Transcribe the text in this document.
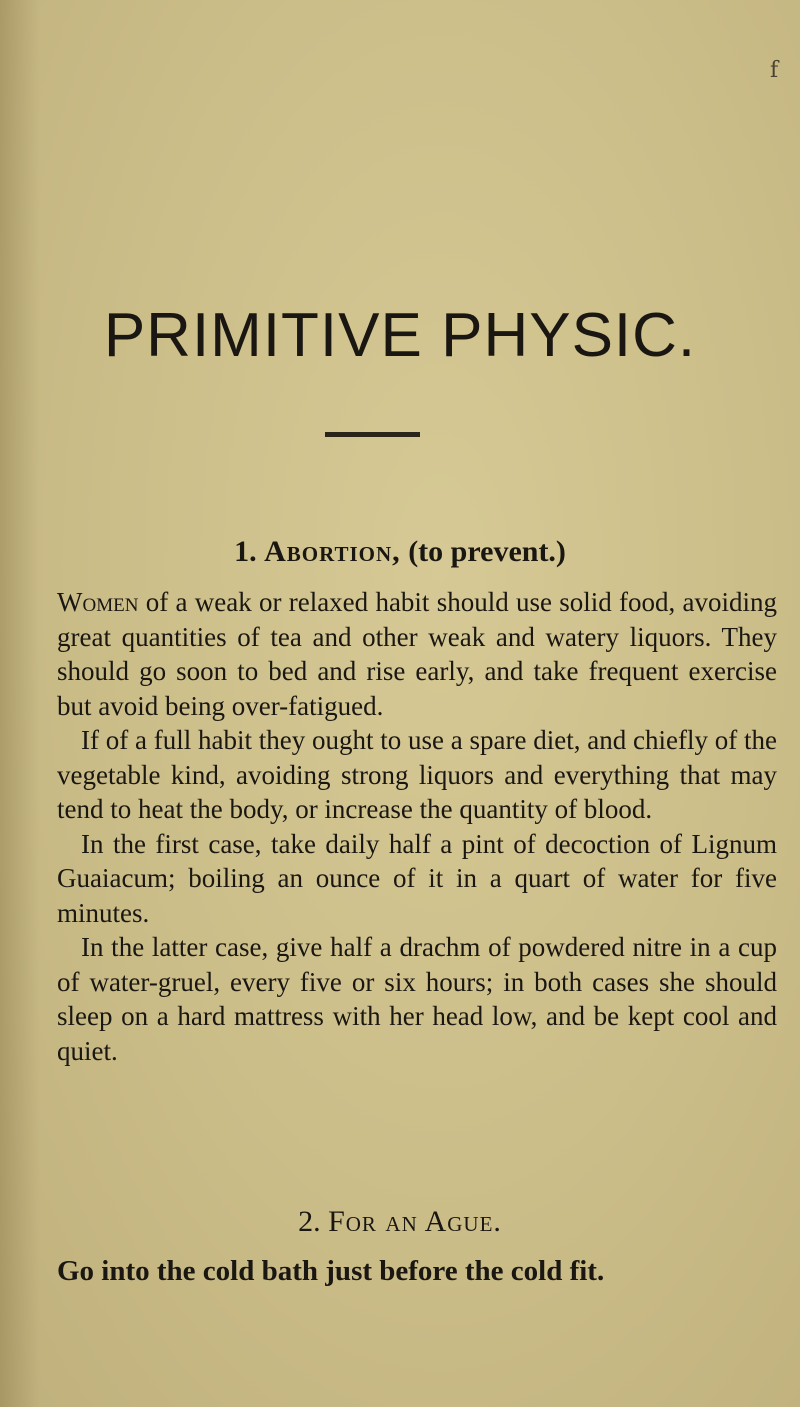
f
PRIMITIVE PHYSIC.
1. Abortion, (to prevent.)

Women of a weak or relaxed habit should use solid food, avoiding great quantities of tea and other weak and watery liquors. They should go soon to bed and rise early, and take frequent exercise but avoid being over-fatigued.

If of a full habit they ought to use a spare diet, and chiefly of the vegetable kind, avoiding strong liquors and everything that may tend to heat the body, or increase the quantity of blood.

In the first case, take daily half a pint of decoction of Lignum Guaiacum; boiling an ounce of it in a quart of water for five minutes.

In the latter case, give half a drachm of powdered nitre in a cup of water-gruel, every five or six hours; in both cases she should sleep on a hard mattress with her head low, and be kept cool and quiet.

2. For an Ague.
Go into the cold bath just before the cold fit.
